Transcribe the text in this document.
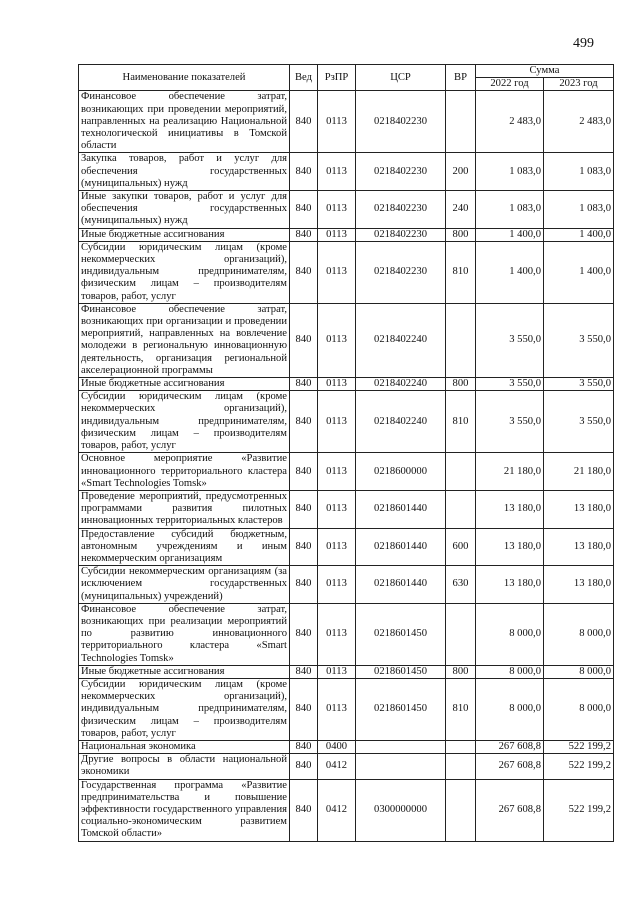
499
Наименование показателей	Вед	РзПР	ЦСР	ВР	Сумма	
					2022 год	2023 год
Финансовое обеспечение затрат, возникающих при проведении мероприятий, направленных на реализацию Национальной технологической инициативы в Томской области	840	0113	0218402230		2 483,0	2 483,0
Закупка товаров, работ и услуг для обеспечения государственных (муниципальных) нужд	840	0113	0218402230	200	1 083,0	1 083,0
Иные закупки товаров, работ и услуг для обеспечения государственных (муниципальных) нужд	840	0113	0218402230	240	1 083,0	1 083,0
Иные бюджетные ассигнования	840	0113	0218402230	800	1 400,0	1 400,0
Субсидии юридическим лицам (кроме некоммерческих организаций), индивидуальным предпринимателям, физическим лицам – производителям товаров, работ, услуг	840	0113	0218402230	810	1 400,0	1 400,0
Финансовое обеспечение затрат, возникающих при организации и проведении мероприятий, направленных на вовлечение молодежи в региональную инновационную деятельность, организация региональной акселерационной программы	840	0113	0218402240		3 550,0	3 550,0
Иные бюджетные ассигнования	840	0113	0218402240	800	3 550,0	3 550,0
Субсидии юридическим лицам (кроме некоммерческих организаций), индивидуальным предпринимателям, физическим лицам – производителям товаров, работ, услуг	840	0113	0218402240	810	3 550,0	3 550,0
Основное мероприятие «Развитие инновационного территориального кластера «Smart Technologies Tomsk»	840	0113	0218600000		21 180,0	21 180,0
Проведение мероприятий, предусмотренных программами развития пилотных инновационных территориальных кластеров	840	0113	0218601440		13 180,0	13 180,0
Предоставление субсидий бюджетным, автономным учреждениям и иным некоммерческим организациям	840	0113	0218601440	600	13 180,0	13 180,0
Субсидии некоммерческим организациям (за исключением государственных (муниципальных) учреждений)	840	0113	0218601440	630	13 180,0	13 180,0
Финансовое обеспечение затрат, возникающих при реализации мероприятий по развитию инновационного территориального кластера «Smart Technologies Tomsk»	840	0113	0218601450		8 000,0	8 000,0
Иные бюджетные ассигнования	840	0113	0218601450	800	8 000,0	8 000,0
Субсидии юридическим лицам (кроме некоммерческих организаций), индивидуальным предпринимателям, физическим лицам – производителям товаров, работ, услуг	840	0113	0218601450	810	8 000,0	8 000,0
Национальная экономика	840	0400			267 608,8	522 199,2
Другие вопросы в области национальной экономики	840	0412			267 608,8	522 199,2
Государственная программа «Развитие предпринимательства и повышение эффективности государственного управления социально-экономическим развитием Томской области»	840	0412	0300000000		267 608,8	522 199,2
